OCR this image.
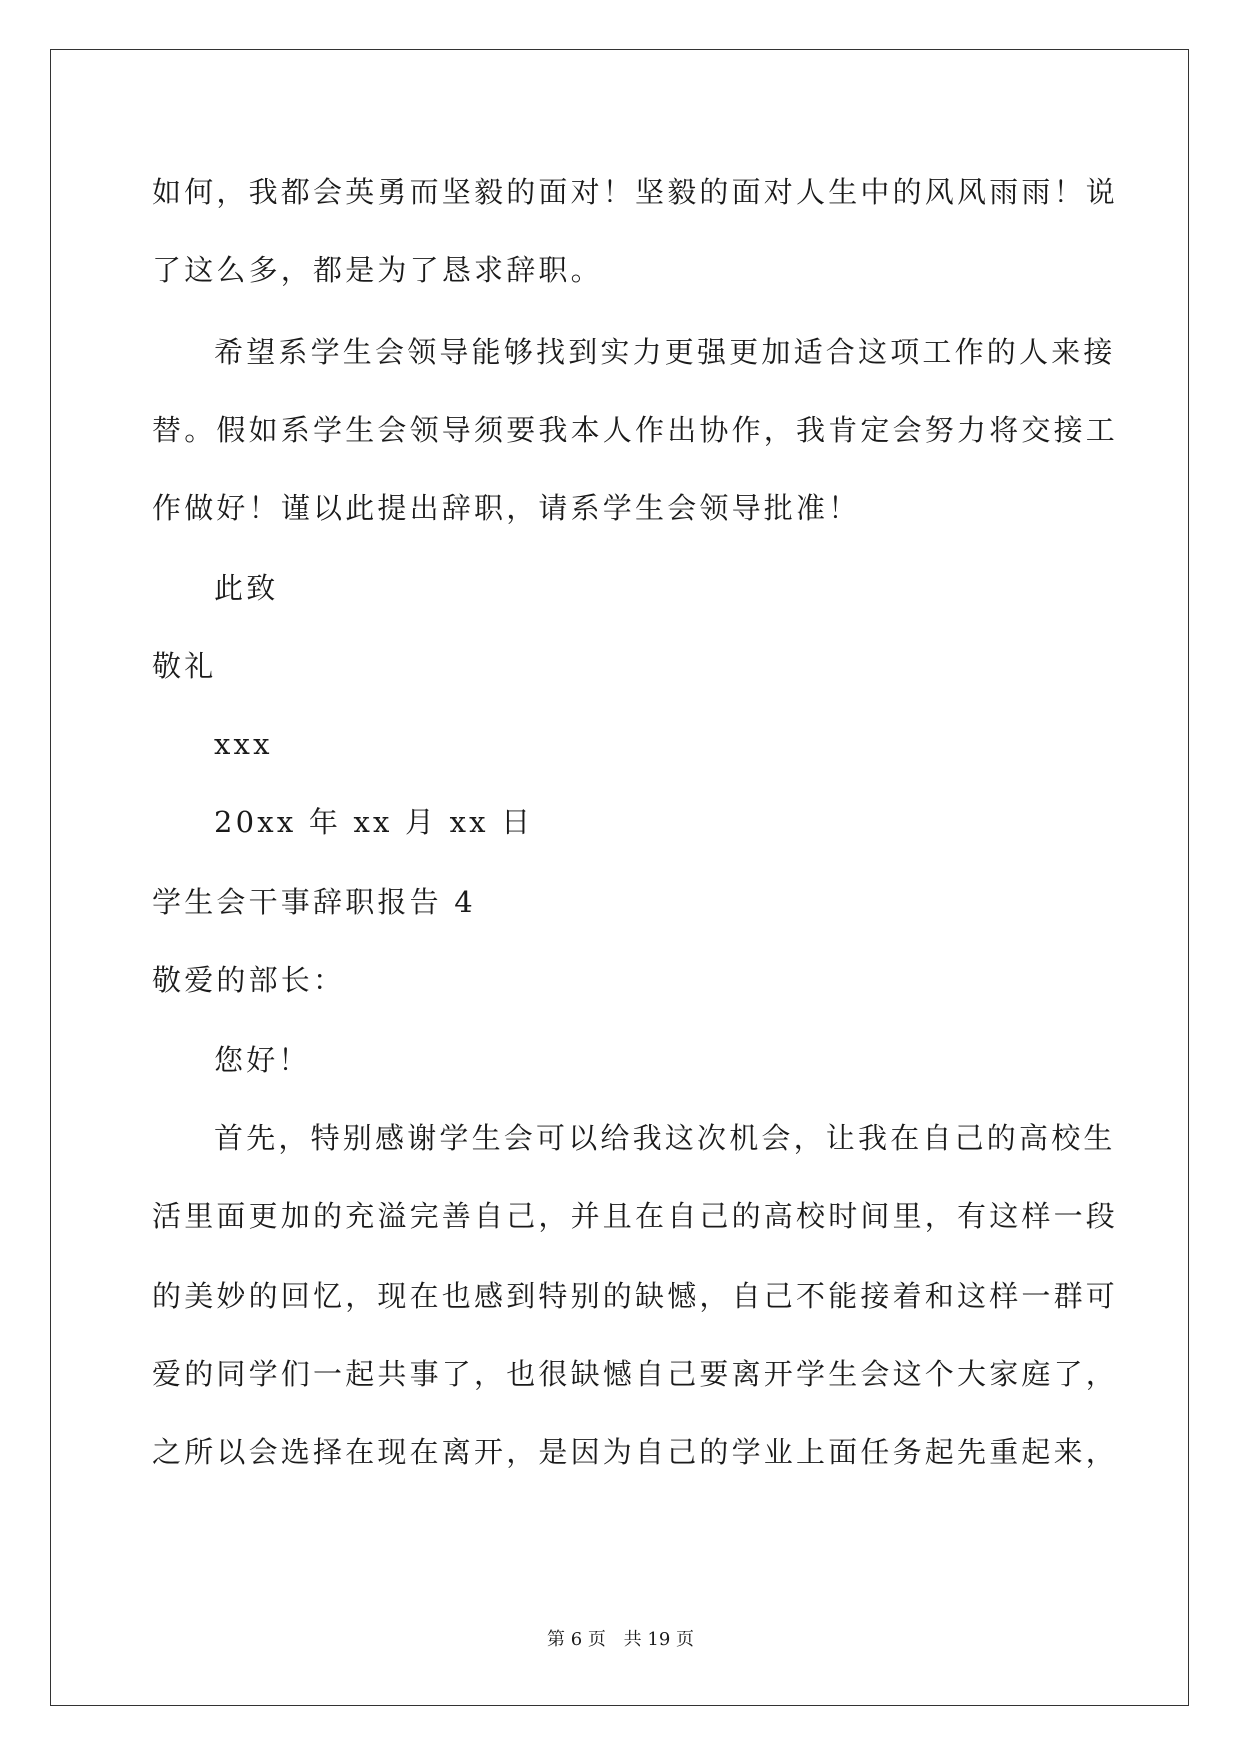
如何，我都会英勇而坚毅的面对！坚毅的面对人生中的风风雨雨！说
了这么多，都是为了恳求辞职。
希望系学生会领导能够找到实力更强更加适合这项工作的人来接
替。假如系学生会领导须要我本人作出协作，我肯定会努力将交接工
作做好！谨以此提出辞职，请系学生会领导批准！
此致
敬礼
xxx
20xx 年 xx 月 xx 日
学生会干事辞职报告 4
敬爱的部长：
您好！
首先，特别感谢学生会可以给我这次机会，让我在自己的高校生
活里面更加的充溢完善自己，并且在自己的高校时间里，有这样一段
的美妙的回忆，现在也感到特别的缺憾，自己不能接着和这样一群可
爱的同学们一起共事了，也很缺憾自己要离开学生会这个大家庭了，
之所以会选择在现在离开，是因为自己的学业上面任务起先重起来，
第 6 页 共 19 页
